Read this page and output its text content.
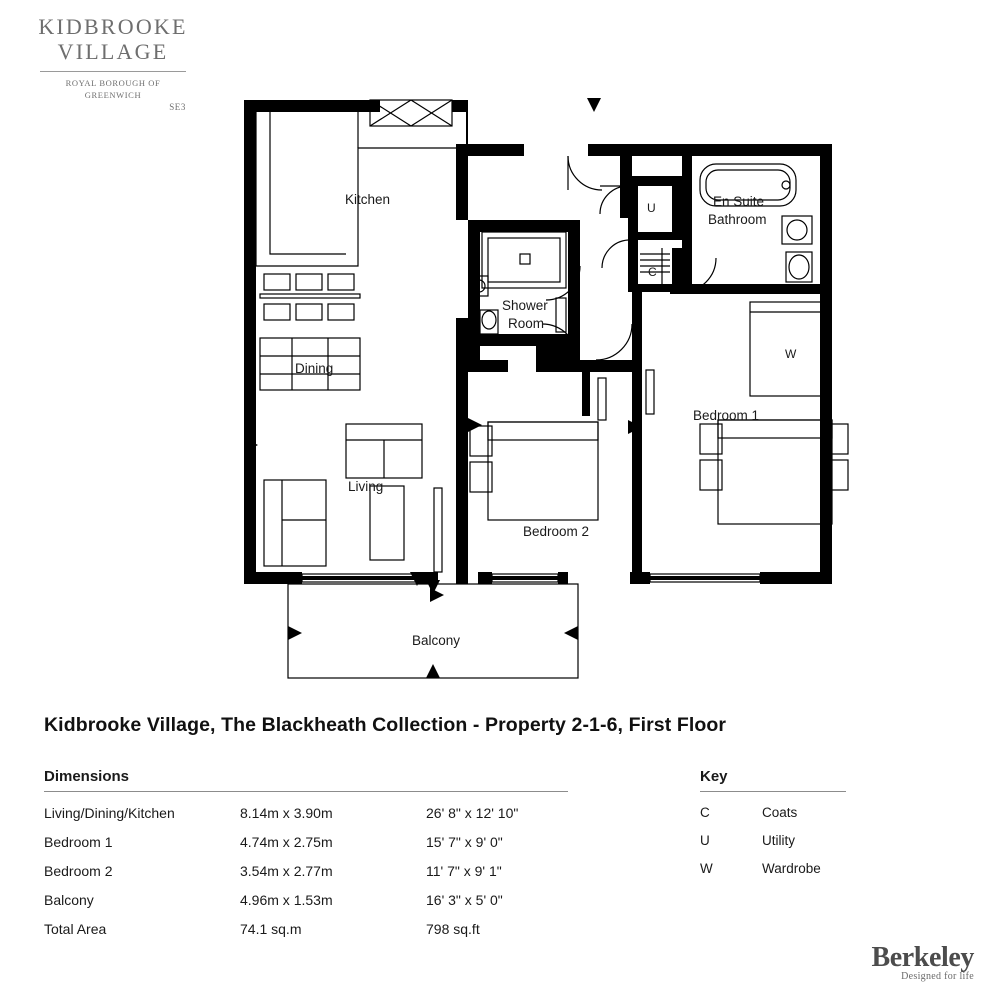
KIDBROOKE
VILLAGE
ROYAL BOROUGH OF GREENWICH
SE3
Kitchen
Dining
Living
Shower
Room
En Suite
Bathroom
Bedroom 1
Bedroom 2
Balcony
U
C
W
Kidbrooke Village, The Blackheath Collection - Property 2-1-6, First Floor
Dimensions
Living/Dining/Kitchen	8.14m x 3.90m	26' 8" x 12' 10"
Bedroom 1	4.74m x 2.75m	15' 7" x 9' 0"
Bedroom 2	3.54m x 2.77m	11' 7" x 9' 1"
Balcony	4.96m x 1.53m	16' 3" x 5' 0"
Total Area	74.1 sq.m	798 sq.ft
Key
C	Coats
U	Utility
W	Wardrobe
Berkeley
Designed for life
